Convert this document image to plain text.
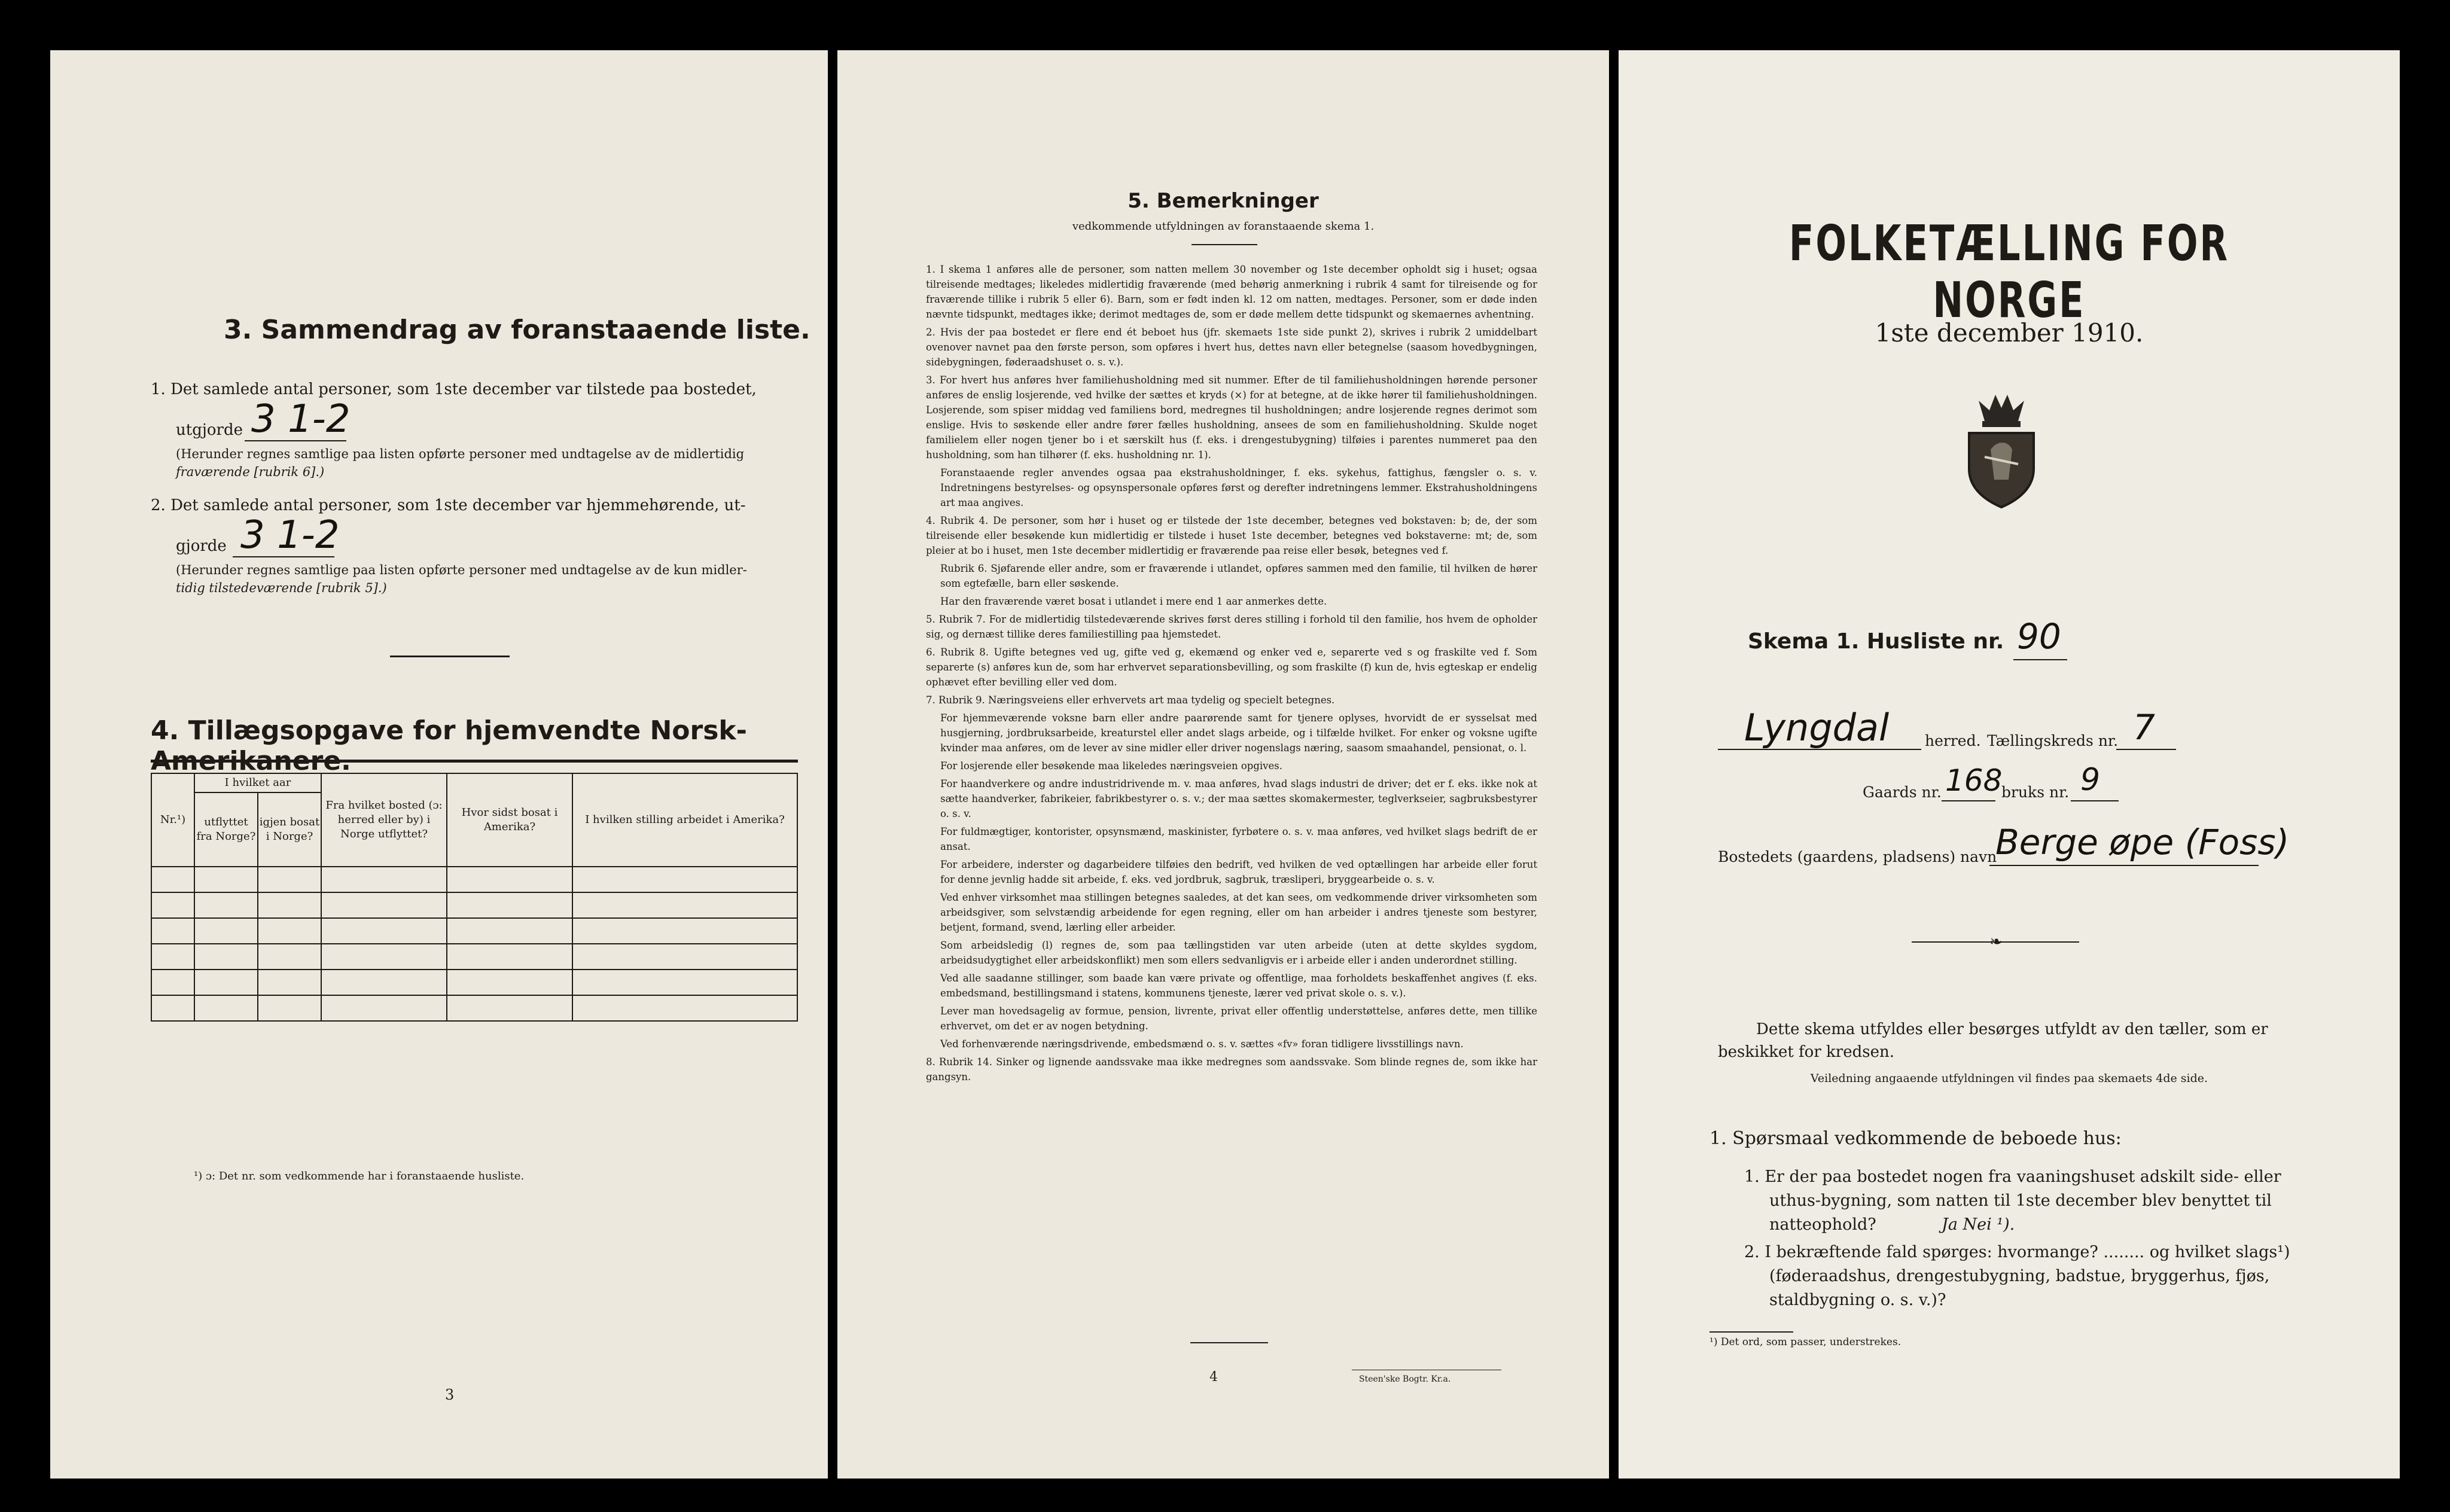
3. Sammendrag av foranstaaende liste.
1. Det samlede antal personer, som 1ste december var tilstede paa bostedet,
utgjorde 3 1-2
(Herunder regnes samtlige paa listen opførte personer med undtagelse av de midlertidig
fraværende [rubrik 6].)
2. Det samlede antal personer, som 1ste december var hjemmehørende, ut-
gjorde 3 1-2
(Herunder regnes samtlige paa listen opførte personer med undtagelse av de kun midler-
tidig tilstedeværende [rubrik 5].)
4. Tillægsopgave for hjemvendte Norsk-Amerikanere.
Nr.¹)	I hvilket aar		Fra hvilket bosted (ɔ: herred eller by) i Norge utflyttet?	Hvor sidst bosat i Amerika?	I hvilken stilling arbeidet i Amerika?
	utflyttet fra Norge?	igjen bosat i Norge?			

¹) ɔ: Det nr. som vedkommende har i foranstaaende husliste.
3
5. Bemerkninger
vedkommende utfyldningen av foranstaaende skema 1.

1. I skema 1 anføres alle de personer, som natten mellem 30 november og 1ste december opholdt sig i huset; ogsaa tilreisende medtages; likeledes midlertidig fraværende (med behørig anmerkning i rubrik 4 samt for tilreisende og for fraværende tillike i rubrik 5 eller 6). Barn, som er født inden kl. 12 om natten, medtages. Personer, som er døde inden nævnte tidspunkt, medtages ikke; derimot medtages de, som er døde mellem dette tidspunkt og skemaernes avhentning.

2. Hvis der paa bostedet er flere end ét beboet hus (jfr. skemaets 1ste side punkt 2), skrives i rubrik 2 umiddelbart ovenover navnet paa den første person, som opføres i hvert hus, dettes navn eller betegnelse (saasom hovedbygningen, sidebygningen, føderaadshuset o. s. v.).

3. For hvert hus anføres hver familiehusholdning med sit nummer. Efter de til familiehusholdningen hørende personer anføres de enslig losjerende, ved hvilke der sættes et kryds (×) for at betegne, at de ikke hører til familiehusholdningen. Losjerende, som spiser middag ved familiens bord, medregnes til husholdningen; andre losjerende regnes derimot som enslige. Hvis to søskende eller andre fører fælles husholdning, ansees de som en familiehusholdning. Skulde noget familielem eller nogen tjener bo i et særskilt hus (f. eks. i drengestubygning) tilføies i parentes nummeret paa den husholdning, som han tilhører (f. eks. husholdning nr. 1).

Foranstaaende regler anvendes ogsaa paa ekstrahusholdninger, f. eks. sykehus, fattighus, fængsler o. s. v. Indretningens bestyrelses- og opsynspersonale opføres først og derefter indretningens lemmer. Ekstrahusholdningens art maa angives.

4. Rubrik 4. De personer, som hør i huset og er tilstede der 1ste december, betegnes ved bokstaven: b; de, der som tilreisende eller besøkende kun midlertidig er tilstede i huset 1ste december, betegnes ved bokstaverne: mt; de, som pleier at bo i huset, men 1ste december midlertidig er fraværende paa reise eller besøk, betegnes ved f.

Rubrik 6. Sjøfarende eller andre, som er fraværende i utlandet, opføres sammen med den familie, til hvilken de hører som egtefælle, barn eller søskende.

Har den fraværende været bosat i utlandet i mere end 1 aar anmerkes dette.

5. Rubrik 7. For de midlertidig tilstedeværende skrives først deres stilling i forhold til den familie, hos hvem de opholder sig, og dernæst tillike deres familiestilling paa hjemstedet.

6. Rubrik 8. Ugifte betegnes ved ug, gifte ved g, ekemænd og enker ved e, separerte ved s og fraskilte ved f. Som separerte (s) anføres kun de, som har erhvervet separationsbevilling, og som fraskilte (f) kun de, hvis egteskap er endelig ophævet efter bevilling eller ved dom.

7. Rubrik 9. Næringsveiens eller erhvervets art maa tydelig og specielt betegnes.

For hjemmeværende voksne barn eller andre paarørende samt for tjenere oplyses, hvorvidt de er sysselsat med husgjerning, jordbruksarbeide, kreaturstel eller andet slags arbeide, og i tilfælde hvilket. For enker og voksne ugifte kvinder maa anføres, om de lever av sine midler eller driver nogenslags næring, saasom smaahandel, pensionat, o. l.

For losjerende eller besøkende maa likeledes næringsveien opgives.

For haandverkere og andre industridrivende m. v. maa anføres, hvad slags industri de driver; det er f. eks. ikke nok at sætte haandverker, fabrikeier, fabrikbestyrer o. s. v.; der maa sættes skomakermester, teglverkseier, sagbruksbestyrer o. s. v.

For fuldmægtiger, kontorister, opsynsmænd, maskinister, fyrbøtere o. s. v. maa anføres, ved hvilket slags bedrift de er ansat.

For arbeidere, inderster og dagarbeidere tilføies den bedrift, ved hvilken de ved optællingen har arbeide eller forut for denne jevnlig hadde sit arbeide, f. eks. ved jordbruk, sagbruk, træsliperi, bryggearbeide o. s. v.

Ved enhver virksomhet maa stillingen betegnes saaledes, at det kan sees, om vedkommende driver virksomheten som arbeidsgiver, som selvstændig arbeidende for egen regning, eller om han arbeider i andres tjeneste som bestyrer, betjent, formand, svend, lærling eller arbeider.

Som arbeidsledig (l) regnes de, som paa tællingstiden var uten arbeide (uten at dette skyldes sygdom, arbeidsudygtighet eller arbeidskonflikt) men som ellers sedvanligvis er i arbeide eller i anden underordnet stilling.

Ved alle saadanne stillinger, som baade kan være private og offentlige, maa forholdets beskaffenhet angives (f. eks. embedsmand, bestillingsmand i statens, kommunens tjeneste, lærer ved privat skole o. s. v.).

Lever man hovedsagelig av formue, pension, livrente, privat eller offentlig understøttelse, anføres dette, men tillike erhvervet, om det er av nogen betydning.

Ved forhenværende næringsdrivende, embedsmænd o. s. v. sættes «fv» foran tidligere livsstillings navn.

8. Rubrik 14. Sinker og lignende aandssvake maa ikke medregnes som aandssvake. Som blinde regnes de, som ikke har gangsyn.

4	Steen'ske Bogtr. Kr.a.
FOLKETÆLLING FOR NORGE
1ste december 1910.
Skema 1. Husliste nr. 90
Lyngdal herred. Tællingskreds nr. 7
Gaards nr. 168
bruks nr. 9
Bostedets (gaardens, pladsens) navn
Berge øpe (Foss)
❧
Dette skema utfyldes eller besørges utfyldt av den tæller, som er beskikket for kredsen.
Veiledning angaaende utfyldningen vil findes paa skemaets 4de side.
1. Spørsmaal vedkommende de beboede hus:
1. Er der paa bostedet nogen fra vaaningshuset adskilt side- eller uthus-bygning, som natten til 1ste december blev benyttet til natteophold?	Ja Nei ¹).
2. I bekræftende fald spørges: hvormange? ........ og hvilket slags¹) (føderaadshus, drengestubygning, badstue, bryggerhus, fjøs, staldbygning o. s. v.)?
¹) Det ord, som passer, understrekes.
